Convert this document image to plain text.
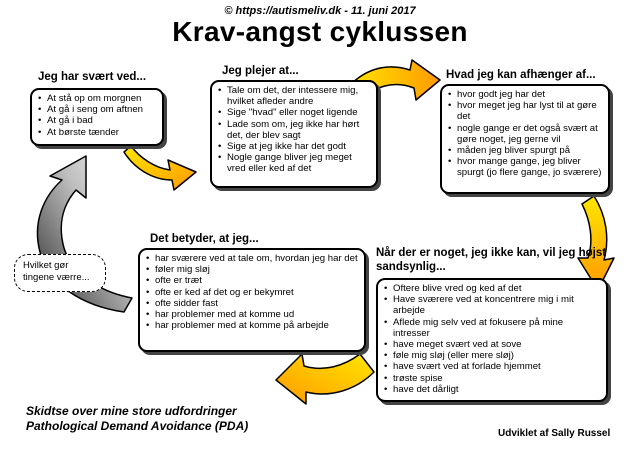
© https://autismeliv.dk - 11. juni 2017
Krav-angst cyklussen
Jeg har svært ved...
• At stå op om morgnen
• At gå i seng om aftnen
• At gå i bad
• At børste tænder
Jeg plejer at...
• Tale om det, der intessere mig, hvilket afleder andre
• Sige "hvad" eller noget ligende
• Lade som om, jeg ikke har hørt det, der blev sagt
• Sige at jeg ikke har det godt
• Nogle gange bliver jeg meget vred eller ked af det
Hvad jeg kan afhænger af...
• hvor godt jeg har det
• hvor meget jeg har lyst til at gøre det
• nogle gange er det også svært at gøre noget, jeg gerne vil
• måden jeg bliver spurgt på
• hvor mange gange, jeg bliver spurgt (jo flere gange, jo sværere)
Det betyder, at jeg...
• har sværere ved at tale om, hvordan jeg har det
• føler mig sløj
• ofte er træt
• ofte er ked af det og er bekymret
• ofte sidder fast
• har problemer med at komme ud
• har problemer med at komme på arbejde
Når der er noget, jeg ikke kan, vil jeg højst sandsynlig...
• Oftere blive vred og ked af det
• Have sværere ved at koncentrere mig i mit arbejde
• Aflede mig selv ved at fokusere på mine intresser
• have meget svært ved at sove
• føle mig sløj (eller mere sløj)
• have svært ved at forlade hjemmet
• trøste spise
• have det dårligt
Hvilket gør tingene værre...
Skidtse over mine store udfordringer
Pathological Demand Avoidance (PDA)
Udviklet af Sally Russel
